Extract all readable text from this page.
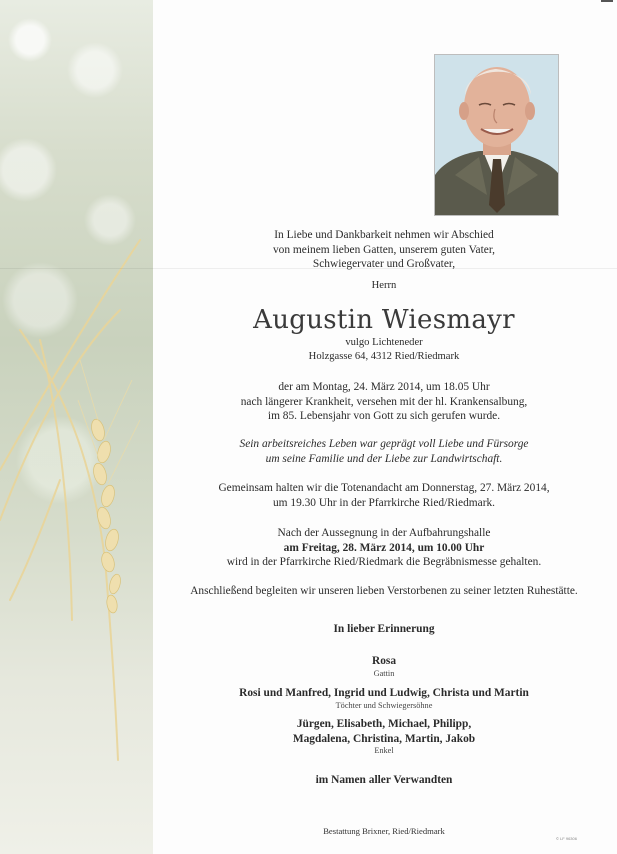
In Liebe und Dankbarkeit nehmen wir Abschied
von meinem lieben Gatten, unserem guten Vater,
Schwiegervater und Großvater,
Herrn
Augustin Wiesmayr
vulgo Lichteneder
Holzgasse 64, 4312 Ried/Riedmark
der am Montag, 24. März 2014, um 18.05 Uhr
nach längerer Krankheit, versehen mit der hl. Krankensalbung,
im 85. Lebensjahr von Gott zu sich gerufen wurde.
Sein arbeitsreiches Leben war geprägt voll Liebe und Fürsorge
um seine Familie und der Liebe zur Landwirtschaft.
Gemeinsam halten wir die Totenandacht am Donnerstag, 27. März 2014,
um 19.30 Uhr in der Pfarrkirche Ried/Riedmark.
Nach der Aussegnung in der Aufbahrungshalle
am Freitag, 28. März 2014, um 10.00 Uhr
wird in der Pfarrkirche Ried/Riedmark die Begräbnismesse gehalten.
Anschließend begleiten wir unseren lieben Verstorbenen zu seiner letzten Ruhestätte.
In lieber Erinnerung
Rosa
Gattin
Rosi und Manfred, Ingrid und Ludwig, Christa und Martin
Töchter und Schwiegersöhne
Jürgen, Elisabeth, Michael, Philipp,
Magdalena, Christina, Martin, Jakob
Enkel
im Namen aller Verwandten
Bestattung Brixner, Ried/Riedmark
© LF 96306
